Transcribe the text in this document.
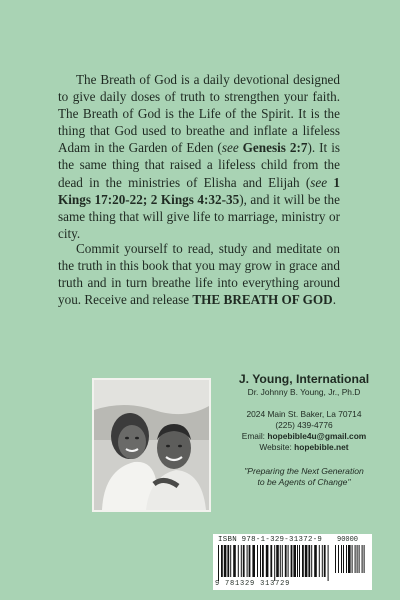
The Breath of God is a daily devotional designed to give daily doses of truth to strengthen your faith. The Breath of God is the Life of the Spirit. It is the thing that God used to breathe and inflate a lifeless Adam in the Garden of Eden (see Genesis 2:7). It is the same thing that raised a lifeless child from the dead in the ministries of Elisha and Elijah (see 1 Kings 17:20-22; 2 Kings 4:32-35), and it will be the same thing that will give life to marriage, ministry or city.

Commit yourself to read, study and meditate on the truth in this book that you may grow in grace and truth and in turn breathe life into everything around you. Receive and release THE BREATH OF GOD.

J. Young, International

Dr. Johnny B. Young, Jr., Ph.D

2024 Main St. Baker, La 70714

(225) 439-4776

Email: hopebible4u@gmail.com

Website: hopebible.net

"Preparing the Next Generation
to be Agents of Change"

ISBN 978-1-329-31372-9 90000
9 781329 313729
